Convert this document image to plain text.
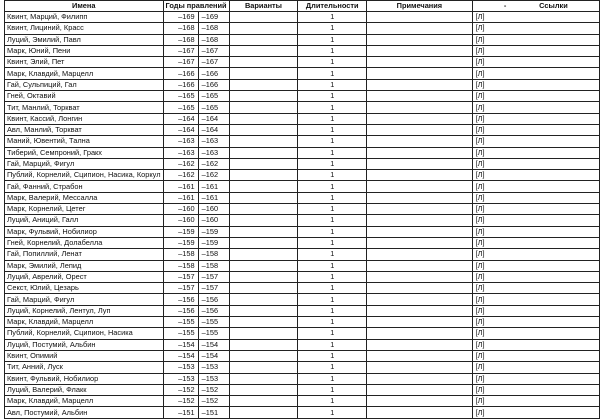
Имена	Годы правлений		Варианты	Длительности	Примечания	- Ссылки
Квинт, Марций, Филипп	–169	–169		1		[Л]
Квинт, Лициний, Красс	–168	–168		1		[Л]
Луций, Эмилий, Павл	–168	–168		1		[Л]
Марк, Юний, Пени	–167	–167		1		[Л]
Квинт, Элий, Пет	–167	–167		1		[Л]
Марк, Клавдий, Марцелл	–166	–166		1		[Л]
Гай, Сульпиций, Гал	–166	–166		1		[Л]
Гней, Октавий	–165	–165		1		[Л]
Тит, Манлий, Торкват	–165	–165		1		[Л]
Квинт, Кассий, Лонгин	–164	–164		1		[Л]
Авл, Манлий, Торкват	–164	–164		1		[Л]
Маний, Ювентий, Тална	–163	–163		1		[Л]
Тиберий, Семпроний, Гракх	–163	–163		1		[Л]
Гай, Марций, Фигул	–162	–162		1		[Л]
Публий, Корнелий, Сципион, Насика, Коркул	–162	–162		1		[Л]
Гай, Фанний, Страбон	–161	–161		1		[Л]
Марк, Валерий, Мессалла	–161	–161		1		[Л]
Марк, Корнелий, Цетег	–160	–160		1		[Л]
Луций, Аниций, Галл	–160	–160		1		[Л]
Марк, Фульвий, Нобилиор	–159	–159		1		[Л]
Гней, Корнелий, Долабелла	–159	–159		1		[Л]
Гай, Попиллий, Ленат	–158	–158		1		[Л]
Марк, Эмилий, Лепид	–158	–158		1		[Л]
Луций, Аврелий, Орест	–157	–157		1		[Л]
Секст, Юлий, Цезарь	–157	–157		1		[Л]
Гай, Марций, Фигул	–156	–156		1		[Л]
Луций, Корнелий, Лентул, Луп	–156	–156		1		[Л]
Марк, Клавдий, Марцелл	–155	–155		1		[Л]
Публий, Корнелий, Сципион, Насика	–155	–155		1		[Л]
Луций, Постумий, Альбин	–154	–154		1		[Л]
Квинт, Опимий	–154	–154		1		[Л]
Тит, Анний, Луск	–153	–153		1		[Л]
Квинт, Фульвий, Нобилиор	–153	–153		1		[Л]
Луций, Валерий, Флакк	–152	–152		1		[Л]
Марк, Клавдий, Марцелл	–152	–152		1		[Л]
Авл, Постумий, Альбин	–151	–151		1		[Л]
